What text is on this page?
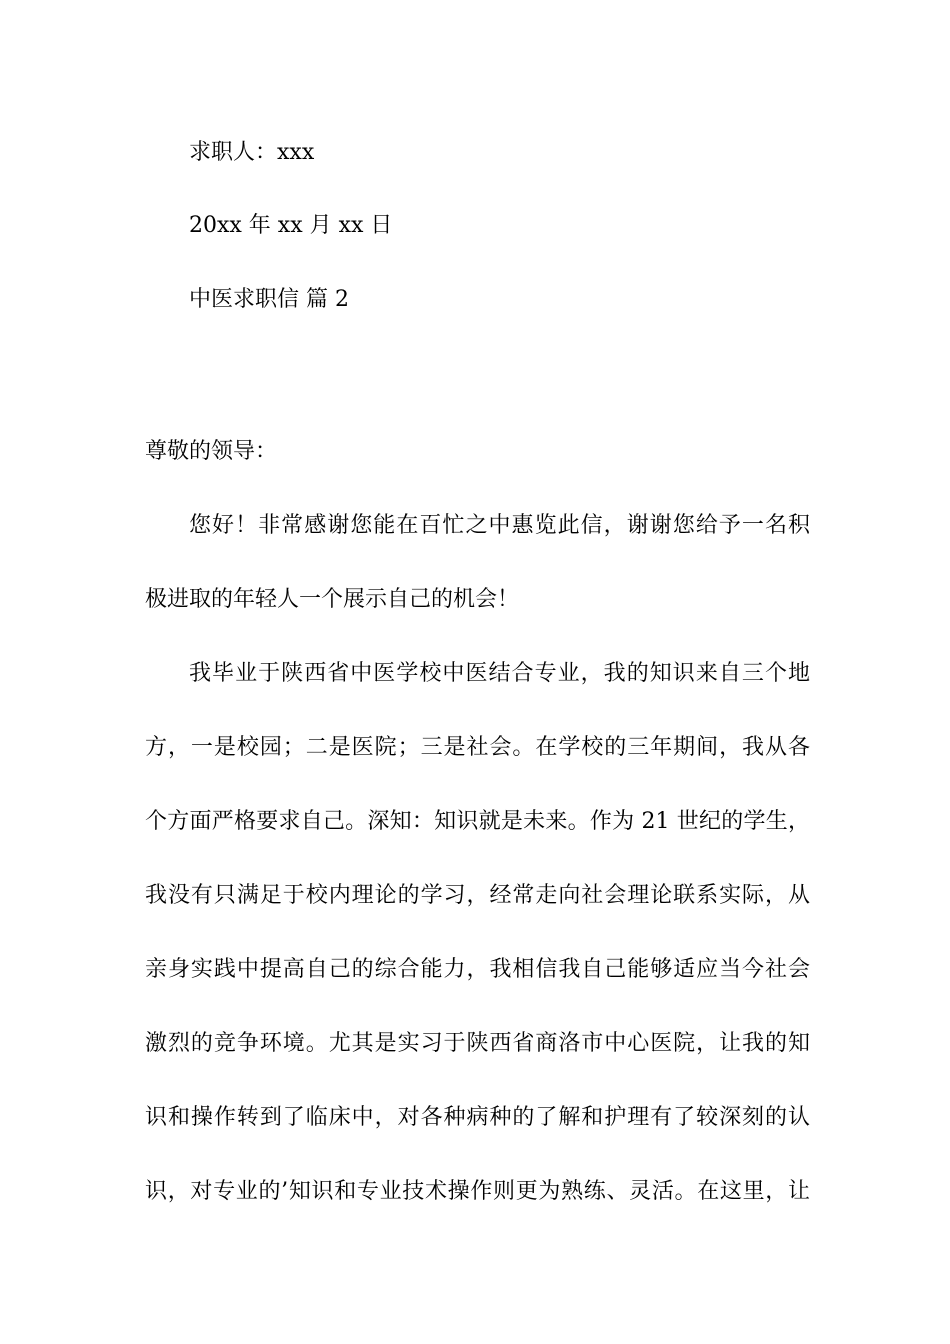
求职人：xxx
20xx 年 xx 月 xx 日
中医求职信 篇 2
尊敬的领导：
您好！非常感谢您能在百忙之中惠览此信，谢谢您给予一名积
极进取的年轻人一个展示自己的机会！
我毕业于陕西省中医学校中医结合专业，我的知识来自三个地
方，一是校园；二是医院；三是社会。在学校的三年期间，我从各
个方面严格要求自己。深知：知识就是未来。作为 21 世纪的学生，
我没有只满足于校内理论的学习，经常走向社会理论联系实际，从
亲身实践中提高自己的综合能力，我相信我自己能够适应当今社会
激烈的竞争环境。尤其是实习于陕西省商洛市中心医院，让我的知
识和操作转到了临床中，对各种病种的了解和护理有了较深刻的认
识，对专业的’知识和专业技术操作则更为熟练、灵活。在这里，让
